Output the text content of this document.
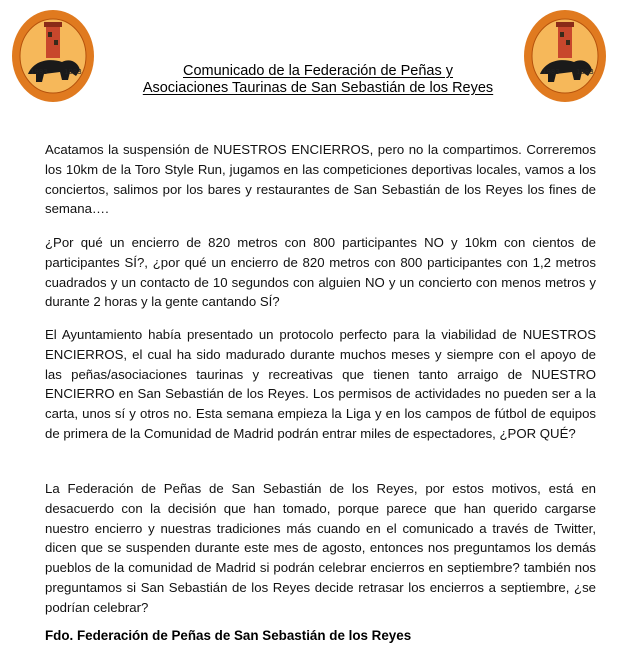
1983 1983	1983 1983
Comunicado de la Federación de Peñas y
Asociaciones Taurinas de San Sebastián de los Reyes
Acatamos la suspensión de NUESTROS ENCIERROS, pero no la compartimos. Correremos los 10km de la Toro Style Run, jugamos en las competiciones deportivas locales, vamos a los conciertos, salimos por los bares y restaurantes de San Sebastián de los Reyes los fines de semana….
¿Por qué un encierro de 820 metros con 800 participantes NO y 10km con cientos de participantes SÍ?, ¿por qué un encierro de 820 metros con 800 participantes con 1,2 metros cuadrados y un contacto de 10 segundos con alguien NO y un concierto con menos metros y durante 2 horas y la gente cantando SÍ?
El Ayuntamiento había presentado un protocolo perfecto para la viabilidad de NUESTROS ENCIERROS, el cual ha sido madurado durante muchos meses y siempre con el apoyo de las peñas/asociaciones taurinas y recreativas que tienen tanto arraigo de NUESTRO ENCIERRO en San Sebastián de los Reyes. Los permisos de actividades no pueden ser a la carta, unos sí y otros no. Esta semana empieza la Liga y en los campos de fútbol de equipos de primera de la Comunidad de Madrid podrán entrar miles de espectadores, ¿POR QUÉ?
La Federación de Peñas de San Sebastián de los Reyes, por estos motivos, está en desacuerdo con la decisión que han tomado, porque parece que han querido cargarse nuestro encierro y nuestras tradiciones más cuando en el comunicado a través de Twitter, dicen que se suspenden durante este mes de agosto, entonces nos preguntamos los demás pueblos de la comunidad de Madrid si podrán celebrar encierros en septiembre? también nos preguntamos si San Sebastián de los Reyes decide retrasar los encierros a septiembre, ¿se podrían celebrar?
Fdo. Federación de Peñas de San Sebastián de los Reyes
